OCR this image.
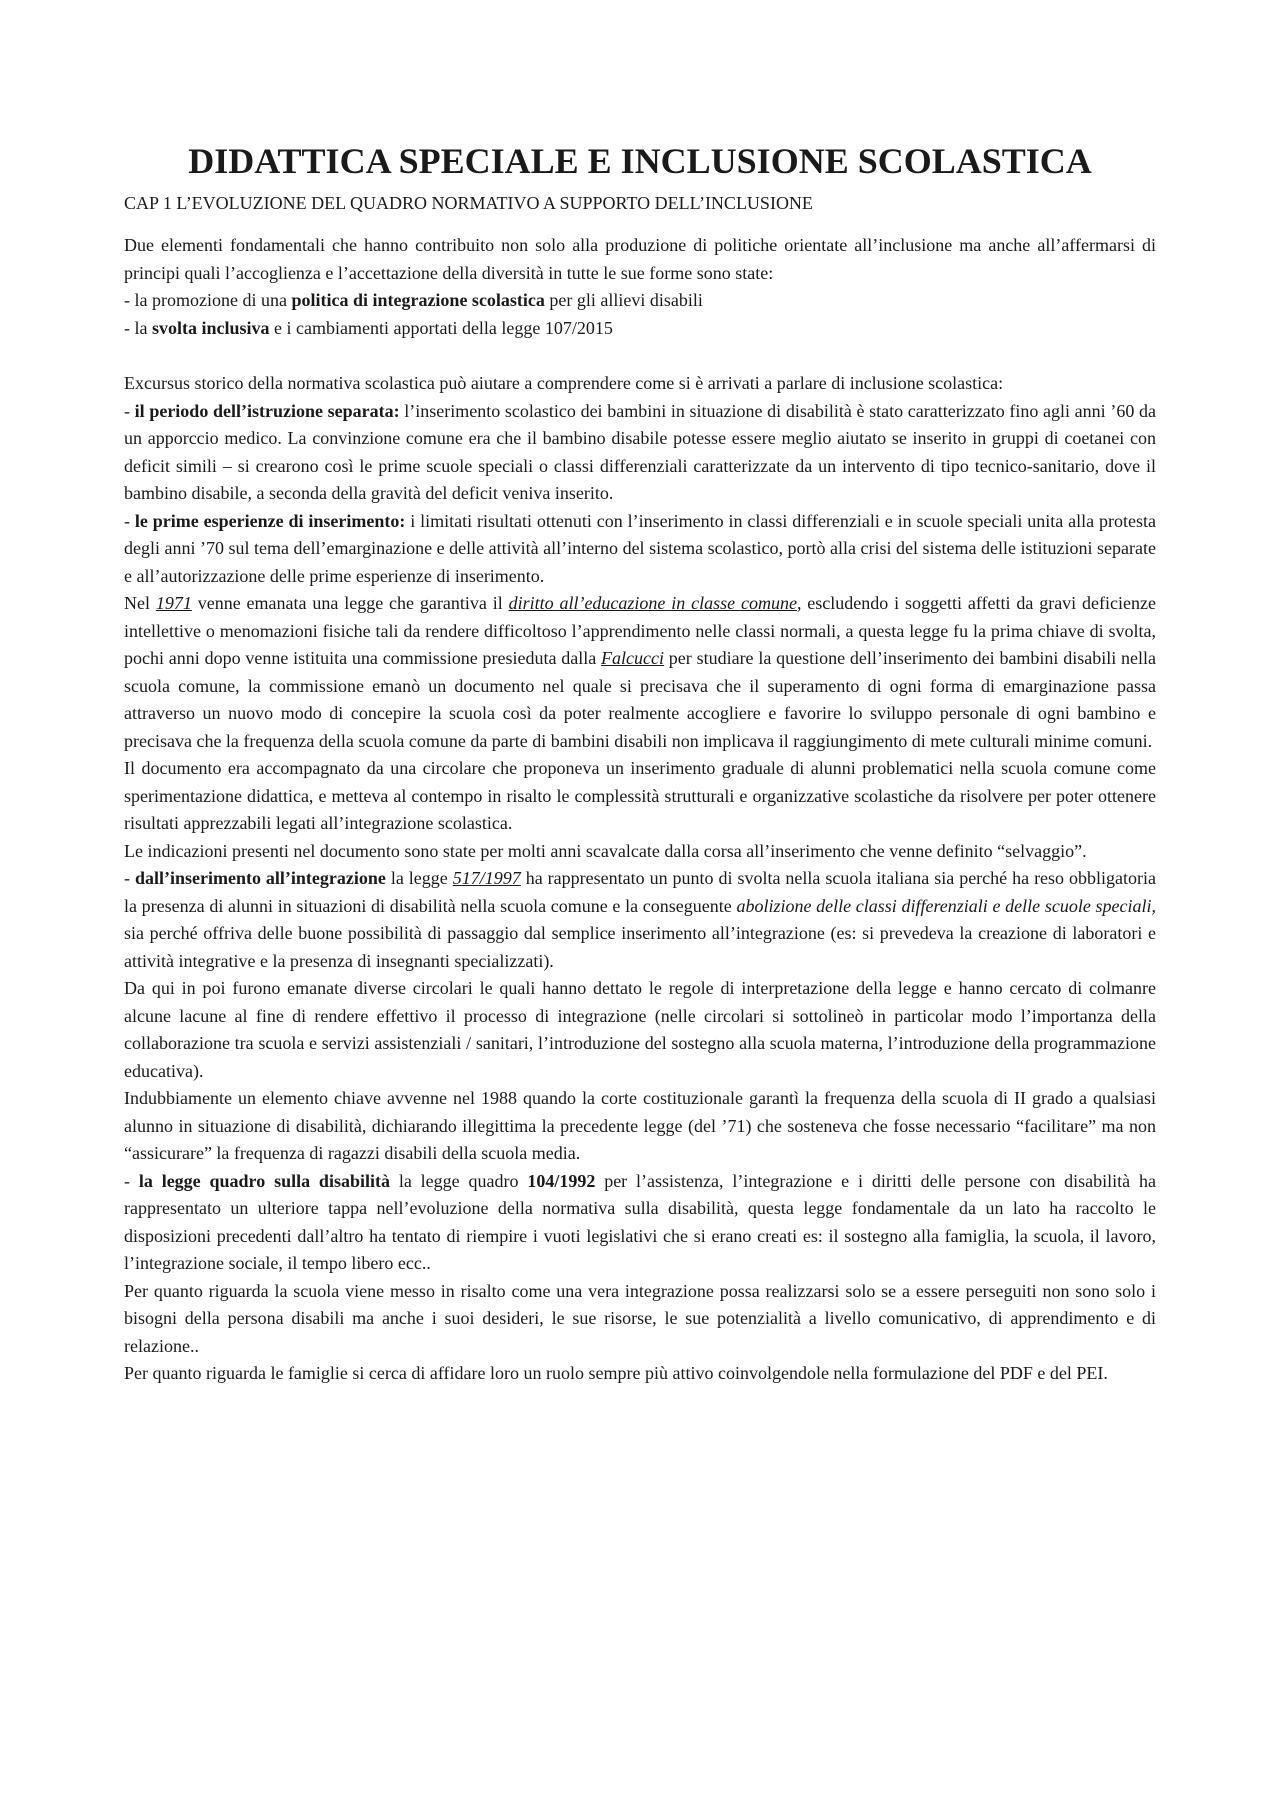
DIDATTICA SPECIALE E INCLUSIONE SCOLASTICA
CAP 1 L’EVOLUZIONE DEL QUADRO NORMATIVO A SUPPORTO DELL’INCLUSIONE

Due elementi fondamentali che hanno contribuito non solo alla produzione di politiche orientate all’inclusione ma anche all’affermarsi di principi quali l’accoglienza e l’accettazione della diversità in tutte le sue forme sono state:
- la promozione di una politica di integrazione scolastica per gli allievi disabili
- la svolta inclusiva e i cambiamenti apportati della legge 107/2015

Excursus storico della normativa scolastica può aiutare a comprendere come si è arrivati a parlare di inclusione scolastica:

- il periodo dell’istruzione separata: l’inserimento scolastico dei bambini in situazione di disabilità è stato caratterizzato fino agli anni ’60 da un apporccio medico. La convinzione comune era che il bambino disabile potesse essere meglio aiutato se inserito in gruppi di coetanei con deficit simili – si crearono così le prime scuole speciali o classi differenziali caratterizzate da un intervento di tipo tecnico-sanitario, dove il bambino disabile, a seconda della gravità del deficit veniva inserito.

- le prime esperienze di inserimento: i limitati risultati ottenuti con l’inserimento in classi differenziali e in scuole speciali unita alla protesta degli anni ’70 sul tema dell’emarginazione e delle attività all’interno del sistema scolastico, portò alla crisi del sistema delle istituzioni separate e all’autorizzazione delle prime esperienze di inserimento.

Nel 1971 venne emanata una legge che garantiva il diritto all’educazione in classe comune, escludendo i soggetti affetti da gravi deficienze intellettive o menomazioni fisiche tali da rendere difficoltoso l’apprendimento nelle classi normali, a questa legge fu la prima chiave di svolta, pochi anni dopo venne istituita una commissione presieduta dalla Falcucci per studiare la questione dell’inserimento dei bambini disabili nella scuola comune, la commissione emanò un documento nel quale si precisava che il superamento di ogni forma di emarginazione passa attraverso un nuovo modo di concepire la scuola così da poter realmente accogliere e favorire lo sviluppo personale di ogni bambino e precisava che la frequenza della scuola comune da parte di bambini disabili non implicava il raggiungimento di mete culturali minime comuni.

Il documento era accompagnato da una circolare che proponeva un inserimento graduale di alunni problematici nella scuola comune come sperimentazione didattica, e metteva al contempo in risalto le complessità strutturali e organizzative scolastiche da risolvere per poter ottenere risultati apprezzabili legati all’integrazione scolastica.

Le indicazioni presenti nel documento sono state per molti anni scavalcate dalla corsa all’inserimento che venne definito “selvaggio”.

- dall’inserimento all’integrazione la legge 517/1997 ha rappresentato un punto di svolta nella scuola italiana sia perché ha reso obbligatoria la presenza di alunni in situazioni di disabilità nella scuola comune e la conseguente abolizione delle classi differenziali e delle scuole speciali, sia perché offriva delle buone possibilità di passaggio dal semplice inserimento all’integrazione (es: si prevedeva la creazione di laboratori e attività integrative e la presenza di insegnanti specializzati).

Da qui in poi furono emanate diverse circolari le quali hanno dettato le regole di interpretazione della legge e hanno cercato di colmanre alcune lacune al fine di rendere effettivo il processo di integrazione (nelle circolari si sottolineò in particolar modo l’importanza della collaborazione tra scuola e servizi assistenziali / sanitari, l’introduzione del sostegno alla scuola materna, l’introduzione della programmazione educativa).

Indubbiamente un elemento chiave avvenne nel 1988 quando la corte costituzionale garantì la frequenza della scuola di II grado a qualsiasi alunno in situazione di disabilità, dichiarando illegittima la precedente legge (del ’71) che sosteneva che fosse necessario “facilitare” ma non “assicurare” la frequenza di ragazzi disabili della scuola media.

- la legge quadro sulla disabilità la legge quadro 104/1992 per l’assistenza, l’integrazione e i diritti delle persone con disabilità ha rappresentato un ulteriore tappa nell’evoluzione della normativa sulla disabilità, questa legge fondamentale da un lato ha raccolto le disposizioni precedenti dall’altro ha tentato di riempire i vuoti legislativi che si erano creati es: il sostegno alla famiglia, la scuola, il lavoro, l’integrazione sociale, il tempo libero ecc..

Per quanto riguarda la scuola viene messo in risalto come una vera integrazione possa realizzarsi solo se a essere perseguiti non sono solo i bisogni della persona disabili ma anche i suoi desideri, le sue risorse, le sue potenzialità a livello comunicativo, di apprendimento e di relazione..

Per quanto riguarda le famiglie si cerca di affidare loro un ruolo sempre più attivo coinvolgendole nella formulazione del PDF e del PEI.
